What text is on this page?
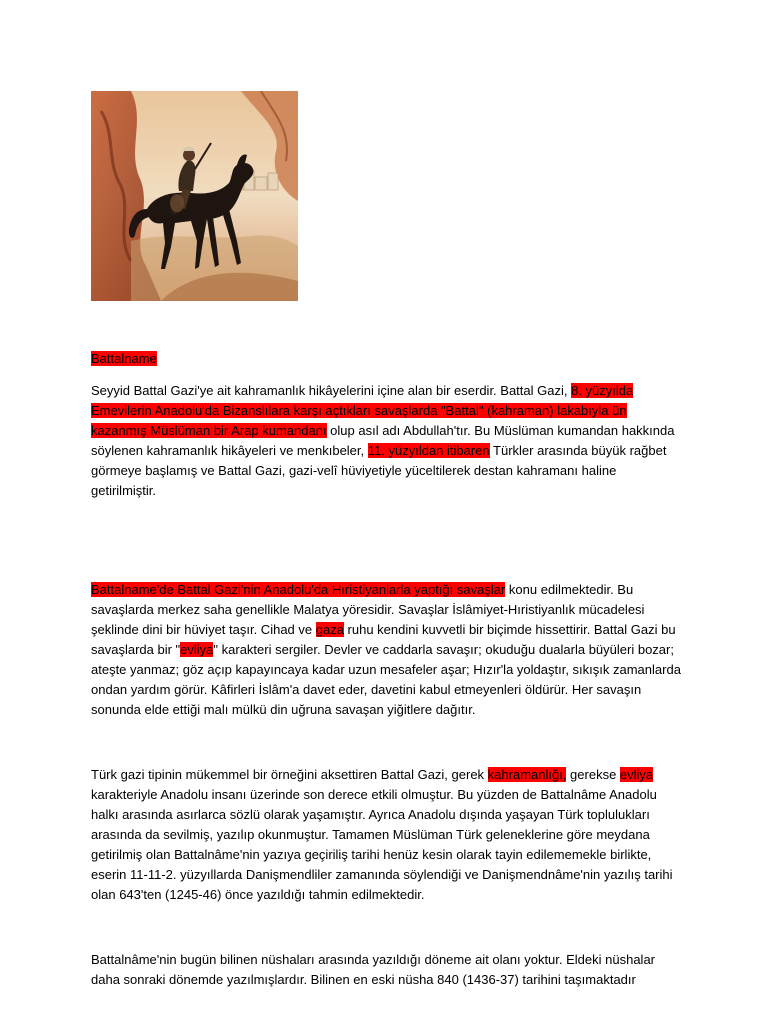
Battalname

Seyyid Battal Gazi'ye ait kahramanlık hikâyelerini içine alan bir eserdir. Battal Gazi, 8. yüzyılda Emevilerin Anadolu'da Bizanslılara karşı açtıkları savaşlarda "Battal" (kahraman) lakabıyla ün kazanmış Müslüman bir Arap kumandanı olup asıl adı Abdullah'tır. Bu Müslüman kumandan hakkında söylenen kahramanlık hikâyeleri ve menkıbeler, 11. yüzyıldan itibaren Türkler arasında büyük rağbet görmeye başlamış ve Battal Gazi, gazi-velî hüviyetiyle yüceltilerek destan kahramanı haline getirilmiştir.

Battalname'de Battal Gazi'nin Anadolu'da Hıristiyanlarla yaptığı savaşlar konu edilmektedir. Bu savaşlarda merkez saha genellikle Malatya yöresidir. Savaşlar İslâmiyet-Hıristiyanlık mücadelesi şeklinde dini bir hüviyet taşır. Cihad ve gaza ruhu kendini kuvvetli bir biçimde hissettirir. Battal Gazi bu savaşlarda bir "evliya" karakteri sergiler. Devler ve caddarla savaşır; okuduğu dualarla büyüleri bozar; ateşte yanmaz; göz açıp kapayıncaya kadar uzun mesafeler aşar; Hızır'la yoldaştır, sıkışık zamanlarda ondan yardım görür. Kâfirleri İslâm'a davet eder, davetini kabul etmeyenleri öldürür. Her savaşın sonunda elde ettiği malı mülkü din uğruna savaşan yiğitlere dağıtır.

Türk gazi tipinin mükemmel bir örneğini aksettiren Battal Gazi, gerek kahramanlığı, gerekse evliya karakteriyle Anadolu insanı üzerinde son derece etkili olmuştur. Bu yüzden de Battalnâme Anadolu halkı arasında asırlarca sözlü olarak yaşamıştır. Ayrıca Anadolu dışında yaşayan Türk toplulukları arasında da sevilmiş, yazılıp okunmuştur. Tamamen Müslüman Türk geleneklerine göre meydana getirilmiş olan Battalnâme'nin yazıya geçiriliş tarihi henüz kesin olarak tayin edilememekle birlikte, eserin 11-11-2. yüzyıllarda Danişmendliler zamanında söylendiği ve Danişmendnâme'nin yazılış tarihi olan 643'ten (1245-46) önce yazıldığı tahmin edilmektedir.

Battalnâme'nin bugün bilinen nüshaları arasında yazıldığı döneme ait olanı yoktur. Eldeki nüshalar daha sonraki dönemde yazılmışlardır. Bilinen en eski nüsha 840 (1436-37) tarihini taşımaktadır
